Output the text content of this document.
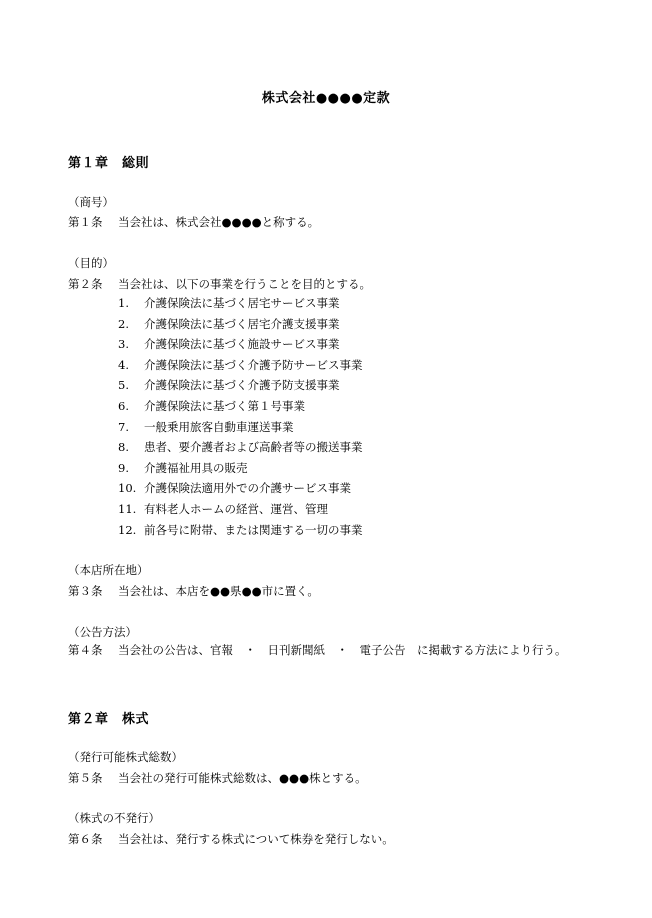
株式会社●●●●定款
第１章　総則
（商号）
第１条 当会社は、株式会社●●●●と称する。
（目的）
第２条 当会社は、以下の事業を行うことを目的とする。
1. 介護保険法に基づく居宅サービス事業
2. 介護保険法に基づく居宅介護支援事業
3. 介護保険法に基づく施設サービス事業
4. 介護保険法に基づく介護予防サービス事業
5. 介護保険法に基づく介護予防支援事業
6. 介護保険法に基づく第１号事業
7. 一般乗用旅客自動車運送事業
8. 患者、要介護者および高齢者等の搬送事業
9. 介護福祉用具の販売
10. 介護保険法適用外での介護サービス事業
11. 有料老人ホームの経営、運営、管理
12. 前各号に附帯、または関連する一切の事業
（本店所在地）
第３条 当会社は、本店を●●県●●市に置く。
（公告方法）
第４条 当会社の公告は、官報　・　日刊新聞紙　・　電子公告　に掲載する方法により行う。
第２章　株式
（発行可能株式総数）
第５条 当会社の発行可能株式総数は、●●●株とする。
（株式の不発行）
第６条 当会社は、発行する株式について株券を発行しない。
